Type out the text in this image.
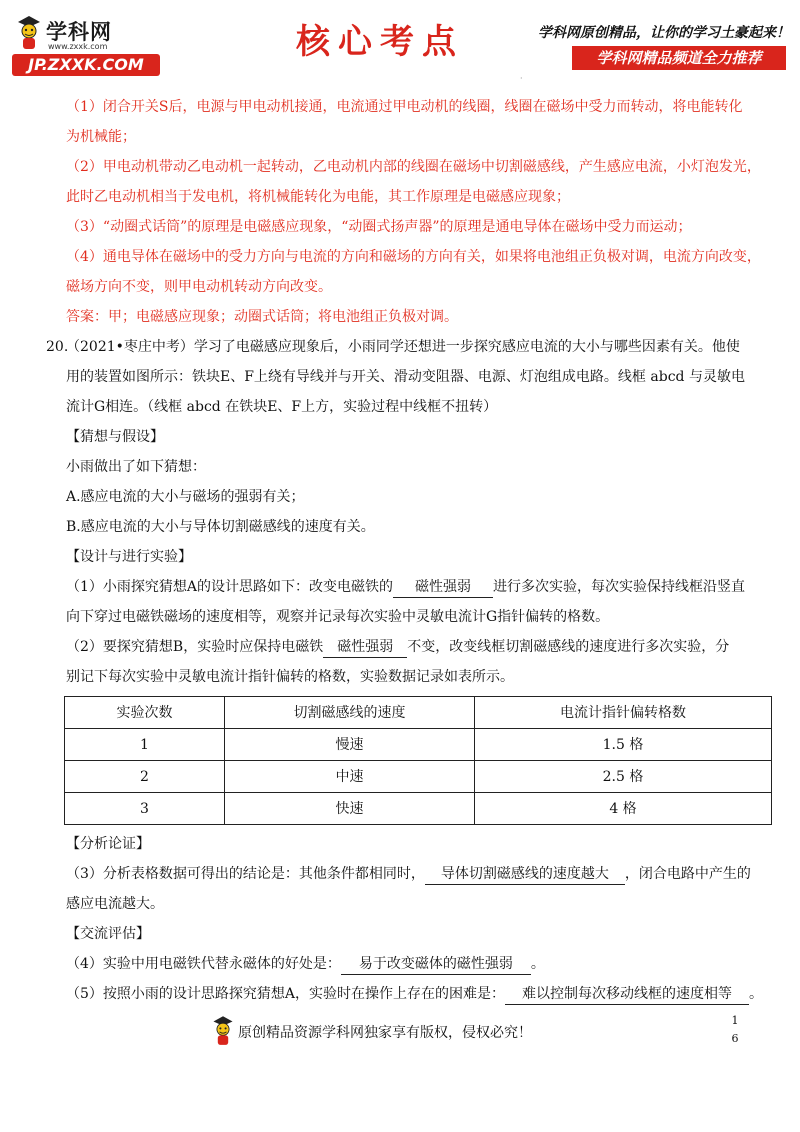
学科网
www.zxxk.com
JP.ZXXK.COM
核心考点	学科网原创精品，让你的学习土豪起来！
学科网精品频道全力推荐
·
（1）闭合开关S后，电源与甲电动机接通，电流通过甲电动机的线圈，线圈在磁场中受力而转动，将电能转化
为机械能；
（2）甲电动机带动乙电动机一起转动，乙电动机内部的线圈在磁场中切割磁感线，产生感应电流，小灯泡发光，
此时乙电动机相当于发电机，将机械能转化为电能，其工作原理是电磁感应现象；
（3）“动圈式话筒”的原理是电磁感应现象，“动圈式扬声器”的原理是通电导体在磁场中受力而运动；
（4）通电导体在磁场中的受力方向与电流的方向和磁场的方向有关，如果将电池组正负极对调，电流方向改变，
磁场方向不变，则甲电动机转动方向改变。
答案：甲；电磁感应现象；动圈式话筒；将电池组正负极对调。
20.
（2021•枣庄中考）学习了电磁感应现象后，小雨同学还想进一步探究感应电流的大小与哪些因素有关。他使
用的装置如图所示：铁块E、F上绕有导线并与开关、滑动变阻器、电源、灯泡组成电路。线框 abcd 与灵敏电
流计G相连。（线框 abcd 在铁块E、F上方，实验过程中线框不扭转）
【猜想与假设】
小雨做出了如下猜想：
A.感应电流的大小与磁场的强弱有关；
B.感应电流的大小与导体切割磁感线的速度有关。
【设计与进行实验】
（1）小雨探究猜想A的设计思路如下：改变电磁铁的 磁性强弱 进行多次实验，每次实验保持线框沿竖直
向下穿过电磁铁磁场的速度相等，观察并记录每次实验中灵敏电流计G指针偏转的格数。
（2）要探究猜想B，实验时应保持电磁铁 磁性强弱 不变，改变线框切割磁感线的速度进行多次实验，分
别记下每次实验中灵敏电流计指针偏转的格数，实验数据记录如表所示。
实验次数	切割磁感线的速度	电流计指针偏转格数
1	慢速	1.5 格
2	中速	2.5 格
3	快速	4 格
【分析论证】
（3）分析表格数据可得出的结论是：其他条件都相同时， 导体切割磁感线的速度越大 ，闭合电路中产生的
感应电流越大。
【交流评估】
（4）实验中用电磁铁代替永磁体的好处是： 易于改变磁体的磁性强弱 。
（5）按照小雨的设计思路探究猜想A，实验时在操作上存在的困难是： 难以控制每次移动线框的速度相等 。
原创精品资源学科网独家享有版权，侵权必究！
1
6
